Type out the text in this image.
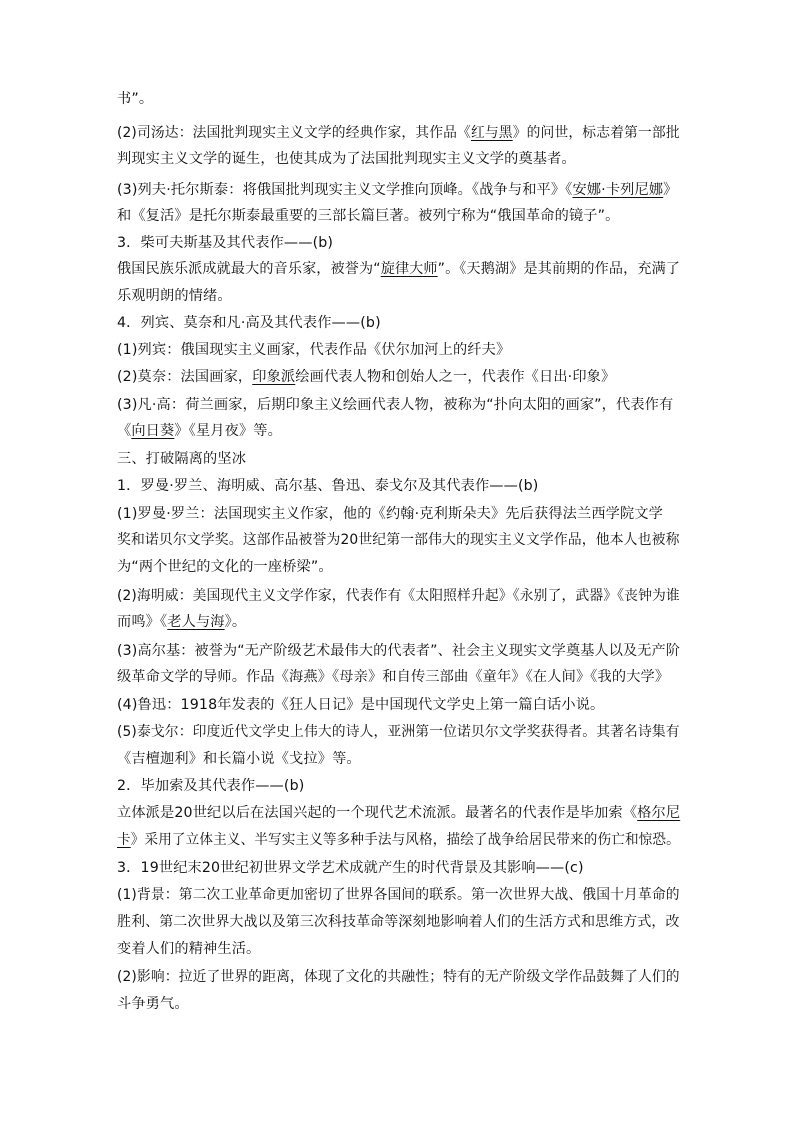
书”。
(2)司汤达：法国批判现实主义文学的经典作家，其作品《红与黑》的问世，标志着第一部批
判现实主义文学的诞生，也使其成为了法国批判现实主义文学的奠基者。
(3)列夫·托尔斯泰：将俄国批判现实主义文学推向顶峰。《战争与和平》《安娜·卡列尼娜》
和《复活》是托尔斯泰最重要的三部长篇巨著。被列宁称为“俄国革命的镜子”。
3．柴可夫斯基及其代表作——(b)
俄国民族乐派成就最大的音乐家，被誉为“旋律大师”。《天鹅湖》是其前期的作品，充满了
乐观明朗的情绪。
4．列宾、莫奈和凡·高及其代表作——(b)
(1)列宾：俄国现实主义画家，代表作品《伏尔加河上的纤夫》
(2)莫奈：法国画家，印象派绘画代表人物和创始人之一，代表作《日出·印象》
(3)凡·高：荷兰画家，后期印象主义绘画代表人物，被称为“扑向太阳的画家”，代表作有
《向日葵》《星月夜》等。
三、打破隔离的坚冰
1．罗曼·罗兰、海明威、高尔基、鲁迅、泰戈尔及其代表作——(b)
(1)罗曼·罗兰：法国现实主义作家，他的《约翰·克利斯朵夫》先后获得法兰西学院文学
奖和诺贝尔文学奖。这部作品被誉为20世纪第一部伟大的现实主义文学作品，他本人也被称
为“两个世纪的文化的一座桥梁”。
(2)海明威：美国现代主义文学作家，代表作有《太阳照样升起》《永别了，武器》《丧钟为谁
而鸣》《老人与海》。
(3)高尔基：被誉为“无产阶级艺术最伟大的代表者”、社会主义现实文学奠基人以及无产阶
级革命文学的导师。作品《海燕》《母亲》和自传三部曲《童年》《在人间》《我的大学》
(4)鲁迅：1918年发表的《狂人日记》是中国现代文学史上第一篇白话小说。
(5)泰戈尔：印度近代文学史上伟大的诗人，亚洲第一位诺贝尔文学奖获得者。其著名诗集有
《吉檀迦利》和长篇小说《戈拉》等。
2．毕加索及其代表作——(b)
立体派是20世纪以后在法国兴起的一个现代艺术流派。最著名的代表作是毕加索《格尔尼
卡》采用了立体主义、半写实主义等多种手法与风格，描绘了战争给居民带来的伤亡和惊恐。
3．19世纪末20世纪初世界文学艺术成就产生的时代背景及其影响——(c)
(1)背景：第二次工业革命更加密切了世界各国间的联系。第一次世界大战、俄国十月革命的
胜利、第二次世界大战以及第三次科技革命等深刻地影响着人们的生活方式和思维方式，改
变着人们的精神生活。
(2)影响：拉近了世界的距离，体现了文化的共融性；特有的无产阶级文学作品鼓舞了人们的
斗争勇气。
